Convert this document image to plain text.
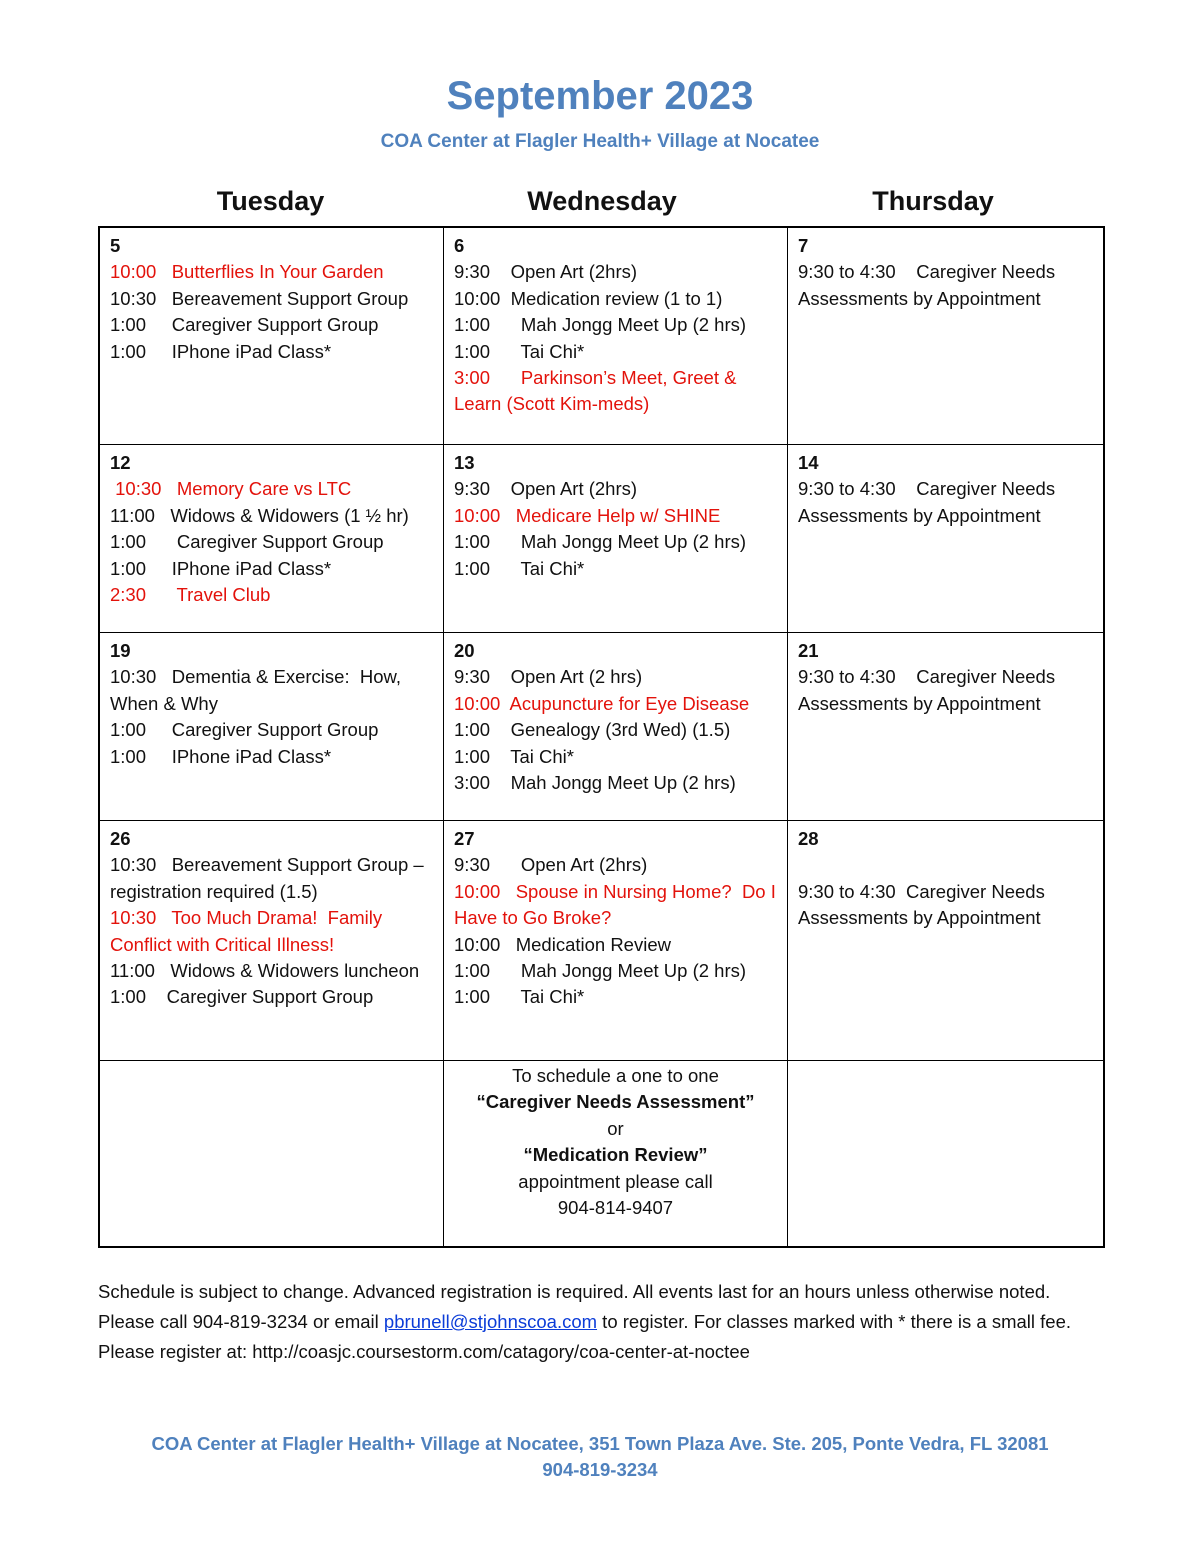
September 2023
COA Center at Flagler Health+ Village at Nocatee
Tuesday	Wednesday	Thursday
5
10:00   Butterflies In Your Garden
10:30   Bereavement Support Group
1:00     Caregiver Support Group
1:00     IPhone iPad Class*
6
9:30    Open Art (2hrs)
10:00  Medication review (1 to 1)
1:00      Mah Jongg Meet Up (2 hrs)
1:00      Tai Chi*
3:00      Parkinson’s Meet, Greet & Learn (Scott Kim-meds)
7
9:30 to 4:30    Caregiver Needs Assessments by Appointment
12
10:30   Memory Care vs LTC
11:00   Widows & Widowers (1 ½ hr)
1:00      Caregiver Support Group
1:00     IPhone iPad Class*
2:30      Travel Club
13
9:30    Open Art (2hrs)
10:00   Medicare Help w/ SHINE
1:00      Mah Jongg Meet Up (2 hrs)
1:00      Tai Chi*
14
9:30 to 4:30    Caregiver Needs Assessments by Appointment
19
10:30   Dementia & Exercise:  How, When & Why
1:00     Caregiver Support Group
1:00     IPhone iPad Class*
20
9:30    Open Art (2 hrs)
10:00  Acupuncture for Eye Disease
1:00    Genealogy (3rd Wed) (1.5)
1:00    Tai Chi*
3:00    Mah Jongg Meet Up (2 hrs)
21
9:30 to 4:30    Caregiver Needs Assessments by Appointment
26
10:30   Bereavement Support Group – registration required (1.5)
10:30   Too Much Drama!  Family Conflict with Critical Illness!
11:00   Widows & Widowers luncheon
1:00    Caregiver Support Group
27
9:30      Open Art (2hrs)
10:00   Spouse in Nursing Home?  Do I Have to Go Broke?
10:00   Medication Review
1:00      Mah Jongg Meet Up (2 hrs)
1:00      Tai Chi*
28

9:30 to 4:30  Caregiver Needs Assessments by Appointment
To schedule a one to one
“Caregiver Needs Assessment”
or
“Medication Review”
appointment please call
904-814-9407
Schedule is subject to change. Advanced registration is required. All events last for an hours unless otherwise noted. Please call 904-819-3234 or email pbrunell@stjohnscoa.com to register. For classes marked with * there is a small fee. Please register at: http://coasjc.coursestorm.com/catagory/coa-center-at-noctee
COA Center at Flagler Health+ Village at Nocatee, 351 Town Plaza Ave. Ste. 205, Ponte Vedra, FL 32081
904-819-3234
